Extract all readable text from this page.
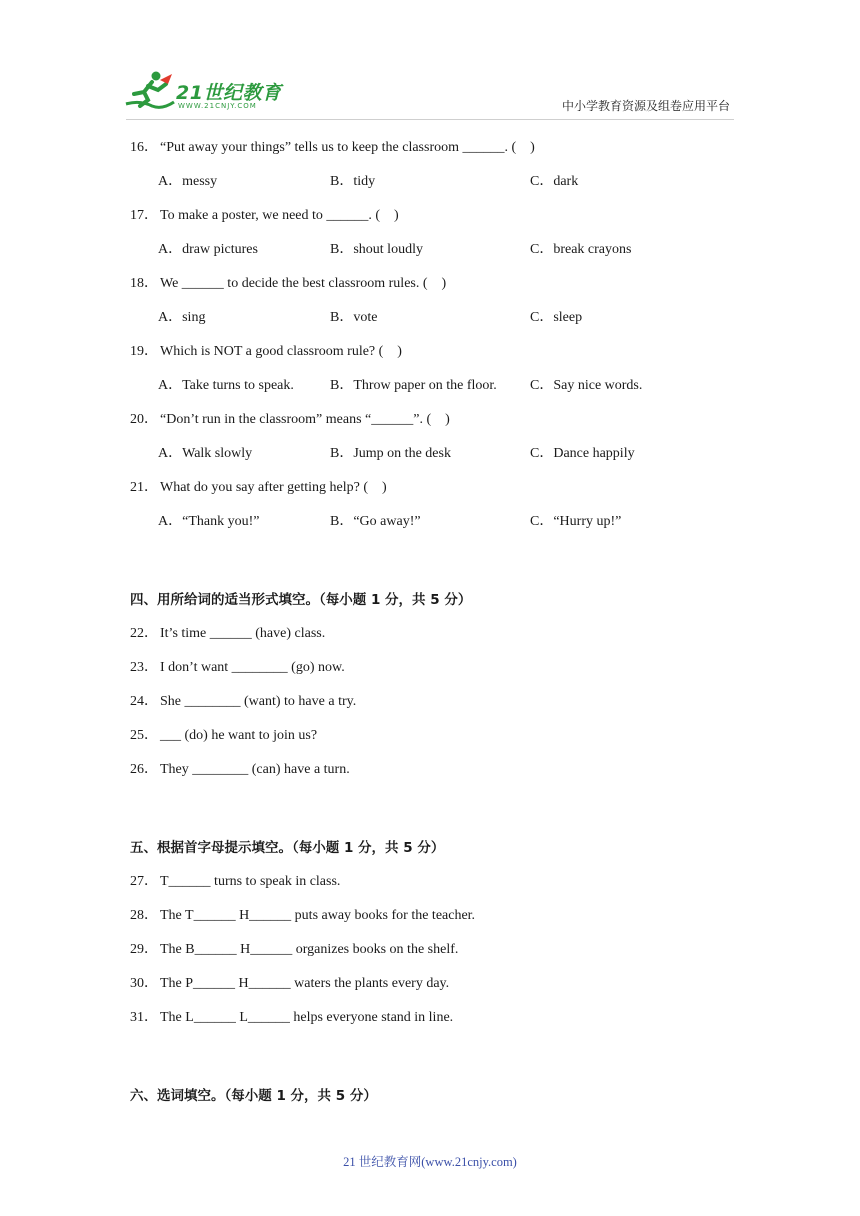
21世纪教育
WWW.21CNJY.COM	中小学教育资源及组卷应用平台
16． “Put away your things” tells us to keep the classroom ______. (　)
A．messy	B．tidy	C．dark
17． To make a poster, we need to ______. (　)
A．draw pictures	B．shout loudly	C．break crayons
18． We ______ to decide the best classroom rules. (　)
A．sing	B．vote	C．sleep
19． Which is NOT a good classroom rule? (　)
A．Take turns to speak.	B．Throw paper on the floor. C．Say nice words.
20． “Don’t run in the classroom” means “______”. (　)
A．Walk slowly	B．Jump on the desk	C．Dance happily
21． What do you say after getting help? (　)
A．“Thank you!”	B．“Go away!”	C．“Hurry up!”
四、用所给词的适当形式填空。（每小题 1 分，共 5 分）
22． It’s time ______ (have) class.
23． I don’t want ________ (go) now.
24． She ________ (want) to have a try.
25． ___ (do) he want to join us?
26． They ________ (can) have a turn.
五、根据首字母提示填空。（每小题 1 分，共 5 分）
27． T______ turns to speak in class.
28． The T______ H______ puts away books for the teacher.
29． The B______ H______ organizes books on the shelf.
30． The P______ H______ waters the plants every day.
31． The L______ L______ helps everyone stand in line.
六、选词填空。（每小题 1 分，共 5 分）
21 世纪教育网(www.21cnjy.com)
